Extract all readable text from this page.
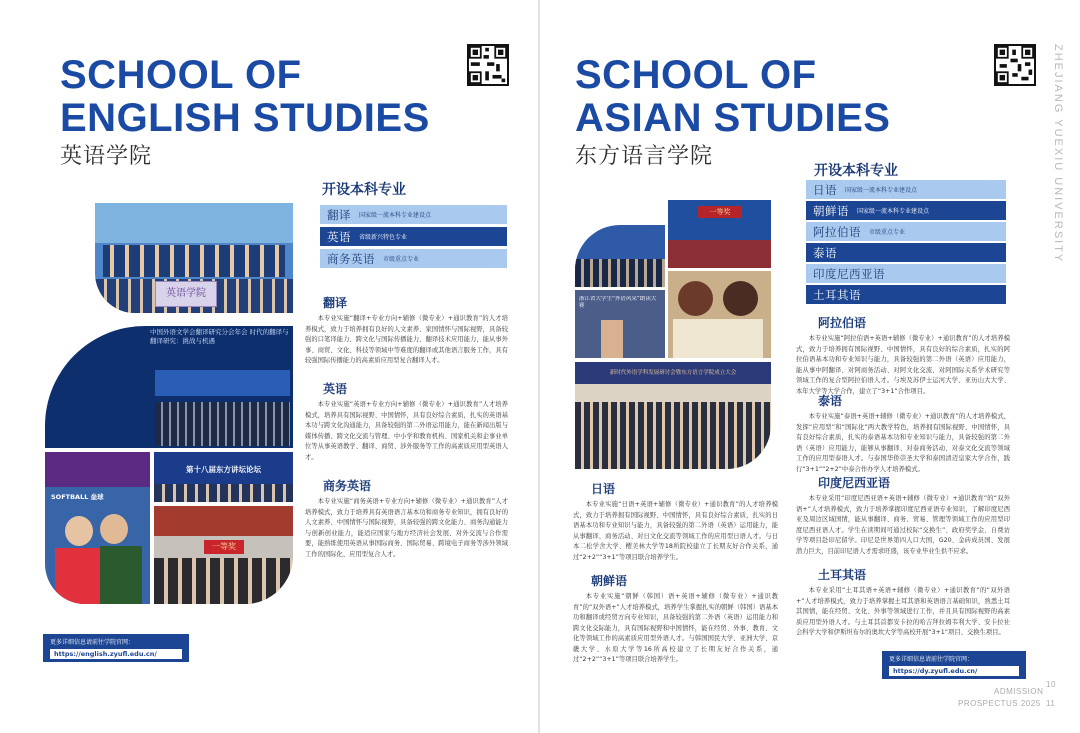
SCHOOL OF
ENGLISH STUDIES
英语学院
英语学院
中国外语文学会翻译研究分会年会 时代的翻译与翻译研究：挑战与机遇
第十八届东方讲坛论坛
SOFTBALL 垒球
一等奖
开设本科专业
翻译 国家级一流本科专业建设点
英语 省级新兴特色专业
商务英语 市级重点专业
翻译

本专业实施“翻译+专业方向+辅修（微专业）+通识教育”的人才培养模式，致力于培养拥有良好的人文素养、家国情怀与国际视野，具备较强的口笔译能力、跨文化与国际传播能力、翻译技术应用能力，能从事外事、商贸、文化、科技等领域中等难度的翻译或其他语言服务工作，具有较强国际传播能力的高素质应用型复合翻译人才。

英语

本专业实施“英语+专业方向+辅修（微专业）+通识教育”人才培养模式，培养具有国际视野、中国情怀，具有良好综合素质，扎实的英语基本功与跨文化沟通能力，具备较强的第二外语运用能力，能在新闻出版与媒体传播、跨文化交流与管理、中小学和教育机构、国家机关和企事业单位等从事英语教学、翻译、商贸、涉外服务等工作的高素质应用型英语人才。

商务英语

本专业实施“商务英语+专业方向+辅修（微专业）+通识教育”人才培养模式，致力于培养具有英语语言基本功和商务专业知识，拥有良好的人文素养、中国情怀与国际视野，具备较强的跨文化能力、商务沟通能力与创新创业能力，能适应国家与地方经济社会发展、对外交流与合作需要，能熟练使用英语从事国际商务、国际贸易、跨境电子商务等涉外领域工作的国际化、应用型复合人才。

更多详细信息请前往学院官网：
https://english.zyufl.edu.cn/
SCHOOL OF
ASIAN STUDIES
东方语言学院
一等奖
浙江省大学生“外语风采”朗读大赛
新时代外语学科发展研讨会暨东方语言学院成立大会
开设本科专业
日语 国家级一流本科专业建设点
朝鲜语 国家级一流本科专业建设点
阿拉伯语 市级重点专业
泰语
印度尼西亚语
土耳其语
阿拉伯语

本专业实施“阿拉伯语+英语+辅修（微专业）+通识教育”的人才培养模式，致力于培养拥有国际视野、中国情怀，具有良好的综合素质，扎实的阿拉伯语基本功和专业知识与能力，具备较强的第二外语（英语）应用能力，能从事中阿翻译、对阿商务活动、对阿文化交流、对阿国际关系学术研究等领域工作的复合型阿拉伯语人才。与埃及苏伊士运河大学、亚历山大大学、本年大学等大学合作，建立了“3+1”合作项目。

泰语

本专业实施“泰语+英语+辅修（微专业）+通识教育”的人才培养模式，发挥“应用型”和“国际化”两大教学特色，培养拥有国际视野、中国情怀，具有良好综合素质，扎实的泰语基本功和专业知识与能力，具备较强的第二外语（英语）应用能力，能够从事翻译、对泰商务活动、对泰文化交流等领域工作的应用型泰语人才。与泰国华侨崇圣大学和泰国清迈皇家大学合作，践行“3+1”“2+2”中泰合作办学人才培养模式。

印度尼西亚语

本专业采用“印度尼西亚语+英语+辅修（微专业）+通识教育”的“双外语+”人才培养模式，致力于培养掌握印度尼西亚语专业知识，了解印度尼西亚及周边区域国情，能从事翻译、商务、贸易、管理等领域工作的应用型印度尼西亚语人才。学生在读期间可通过校际“交换生”、政府奖学金、自费访学等项目赴印尼留学。印尼是世界第四人口大国，G20、金砖成员国、发展潜力巨大，目前印尼语人才需求旺盛，该专业毕业生供不应求。

土耳其语

本专业采用“土耳其语+英语+辅修（微专业）+通识教育”的“双外语+”人才培养模式，致力于培养掌握土耳其语和英语语言基础知识，熟悉土耳其国情，能在经贸、文化、外事等领域进行工作，并且具有国际视野的高素质应用型外语人才。与土耳其首都安卡拉的哈吉拜拉姆韦利大学、安卡拉社会科学大学和伊斯坦布尔的奥坎大学等高校开展“3+1”项目、交换生项目。

日语

本专业实施“日语+英语+辅修（微专业）+通识教育”的人才培养模式，致力于培养拥有国际视野、中国情怀，具有良好综合素质，扎实的日语基本功和专业知识与能力，具备较强的第二外语（英语）运用能力，能从事翻译、商务活动、对日文化交流等领域工作的应用型日语人才。与日本二松学舍大学、樱美林大学等18所院校建立了长期友好合作关系，通过“2+2”“3+1”等项目联合培养学生。

朝鲜语

本专业实施“朝鲜（韩国）语+英语+辅修（微专业）+通识教育”的“双外语+”人才培养模式，培养学生掌握扎实的朝鲜（韩国）语基本功和翻译或经贸方向专业知识，具备较强的第二外语（英语）运用能力和跨文化交际能力，具有国际视野和中国情怀，能在经贸、外事、教育、文化等领域工作的高素质应用型外语人才。与韩国国民大学、亚洲大学、京畿大学、水原大学等16所高校建立了长期友好合作关系，通过“2+2”“3+1”等项目联合培养学生。	更多详细信息请前往学院官网：
https://dy.zyufl.edu.cn/
ZHEJIANG YUEXIU UNIVERSITY
ADMISSION
PROSPECTUS 2025
10
11
